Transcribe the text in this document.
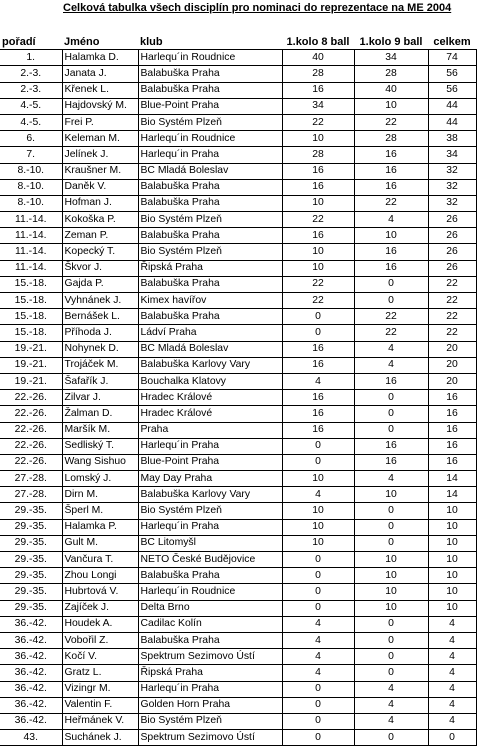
Celková tabulka všech disciplín pro nominaci do reprezentace na ME 2004
pořadí	Jméno	klub	1.kolo 8 ball	1.kolo 9 ball	celkem
1.	Halamka D.	Harlequ´in Roudnice	40	34	74
2.-3.	Janata J.	Balabuška Praha	28	28	56
2.-3.	Křenek L.	Balabuška Praha	16	40	56
4.-5.	Hajdovský M.	Blue-Point Praha	34	10	44
4.-5.	Frei P.	Bio Systém Plzeň	22	22	44
6.	Keleman M.	Harlequ´in Roudnice	10	28	38
7.	Jelínek J.	Harlequ´in Praha	28	16	34
8.-10.	Kraušner M.	BC Mladá Boleslav	16	16	32
8.-10.	Daněk V.	Balabuška Praha	16	16	32
8.-10.	Hofman J.	Balabuška Praha	10	22	32
11.-14.	Kokoška P.	Bio Systém Plzeň	22	4	26
11.-14.	Zeman P.	Balabuška Praha	16	10	26
11.-14.	Kopecký T.	Bio Systém Plzeň	10	16	26
11.-14.	Škvor J.	Řipská Praha	10	16	26
15.-18.	Gajda P.	Balabuška Praha	22	0	22
15.-18.	Vyhnánek J.	Kimex havířov	22	0	22
15.-18.	Bernášek L.	Balabuška Praha	0	22	22
15.-18.	Příhoda J.	Ládví Praha	0	22	22
19.-21.	Nohynek D.	BC Mladá Boleslav	16	4	20
19.-21.	Trojáček M.	Balabuška Karlovy Vary	16	4	20
19.-21.	Šafařík J.	Bouchalka Klatovy	4	16	20
22.-26.	Zilvar J.	Hradec Králové	16	0	16
22.-26.	Žalman D.	Hradec Králové	16	0	16
22.-26.	Maršík M.	Praha	16	0	16
22.-26.	Sedliský T.	Harlequ´in Praha	0	16	16
22.-26.	Wang Sishuo	Blue-Point Praha	0	16	16
27.-28.	Lomský J.	May Day Praha	10	4	14
27.-28.	Dirn M.	Balabuška Karlovy Vary	4	10	14
29.-35.	Šperl M.	Bio Systém Plzeň	10	0	10
29.-35.	Halamka P.	Harlequ´in Praha	10	0	10
29.-35.	Gult M.	BC Litomyšl	10	0	10
29.-35.	Vančura T.	NETO České Budějovice	0	10	10
29.-35.	Zhou Longi	Balabuška Praha	0	10	10
29.-35.	Hubrtová V.	Harlequ´in Roudnice	0	10	10
29.-35.	Zajíček J.	Delta Brno	0	10	10
36.-42.	Houdek A.	Cadilac Kolín	4	0	4
36.-42.	Vobořil Z.	Balabuška Praha	4	0	4
36.-42.	Kočí V.	Spektrum Sezimovo Ústí	4	0	4
36.-42.	Gratz L.	Řipská Praha	4	0	4
36.-42.	Vizingr M.	Harlequ´in Praha	0	4	4
36.-42.	Valentin F.	Golden Horn Praha	0	4	4
36.-42.	Heřmánek V.	Bio Systém Plzeň	0	4	4
43.	Suchánek J.	Spektrum Sezimovo Ústí	0	0	0
